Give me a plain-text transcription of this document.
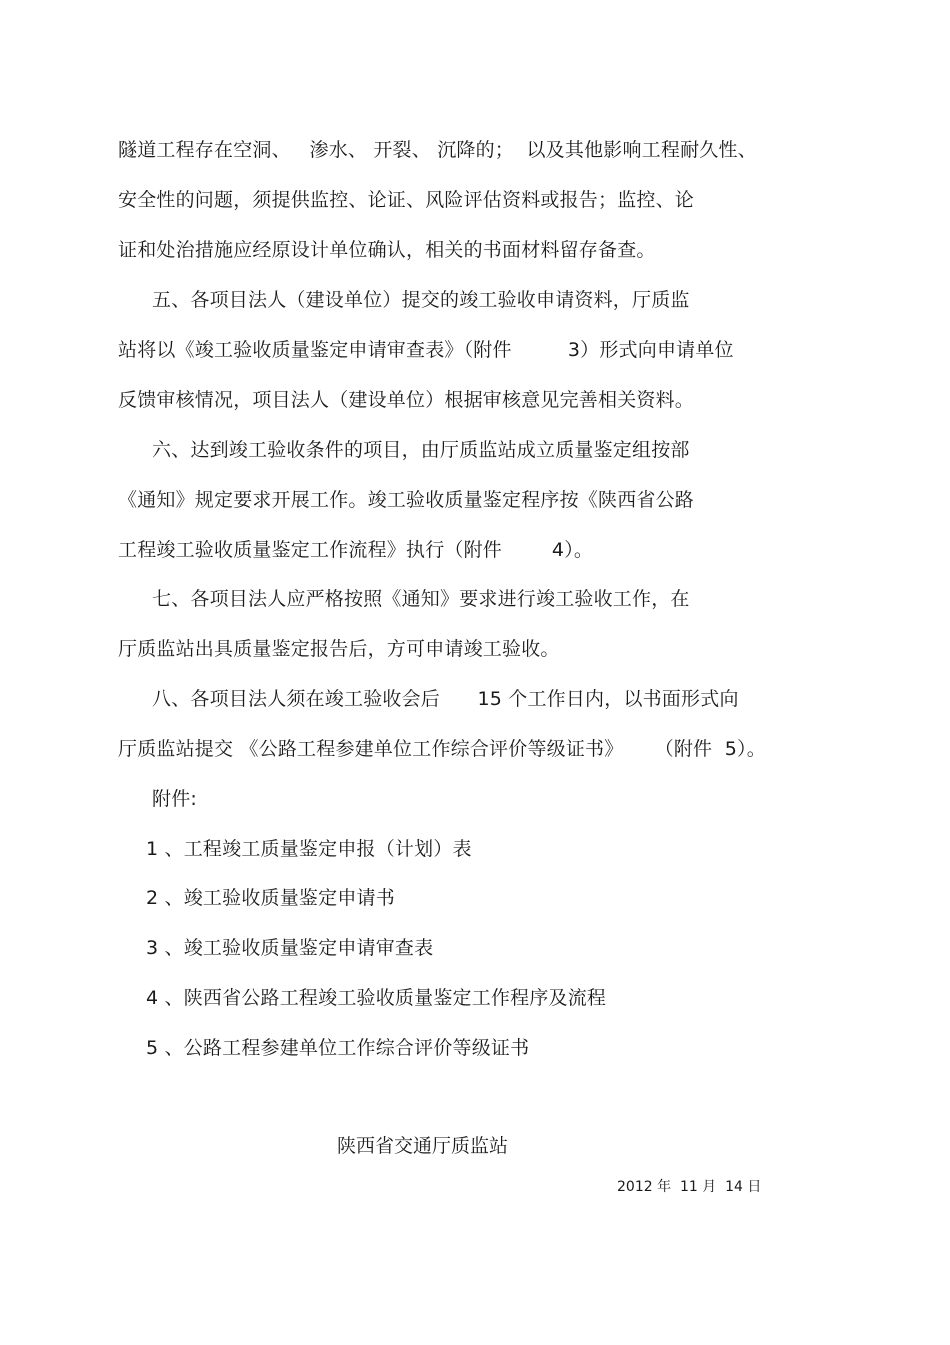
隧道工程存在空洞、   渗水、 开裂、 沉降的；  以及其他影响工程耐久性、
安全性的问题，须提供监控、论证、风险评估资料或报告；监控、论
证和处治措施应经原设计单位确认，相关的书面材料留存备查。
五、各项目法人（建设单位）提交的竣工验收申请资料，厅质监
站将以《竣工验收质量鉴定申请审查表》（附件         3）形式向申请单位
反馈审核情况，项目法人（建设单位）根据审核意见完善相关资料。
六、达到竣工验收条件的项目，由厅质监站成立质量鉴定组按部
《通知》规定要求开展工作。竣工验收质量鉴定程序按《陕西省公路
工程竣工验收质量鉴定工作流程》执行（附件        4）。
七、各项目法人应严格按照《通知》要求进行竣工验收工作，在
厅质监站出具质量鉴定报告后，方可申请竣工验收。
八、各项目法人须在竣工验收会后      15 个工作日内，以书面形式向
厅质监站提交 《公路工程参建单位工作综合评价等级证书》     （附件  5）。
附件:
1 、工程竣工质量鉴定申报（计划）表
2 、竣工验收质量鉴定申请书
3 、竣工验收质量鉴定申请审查表
4 、陕西省公路工程竣工验收质量鉴定工作程序及流程
5 、公路工程参建单位工作综合评价等级证书
陕西省交通厅质监站
2012 年  11 月  14 日
